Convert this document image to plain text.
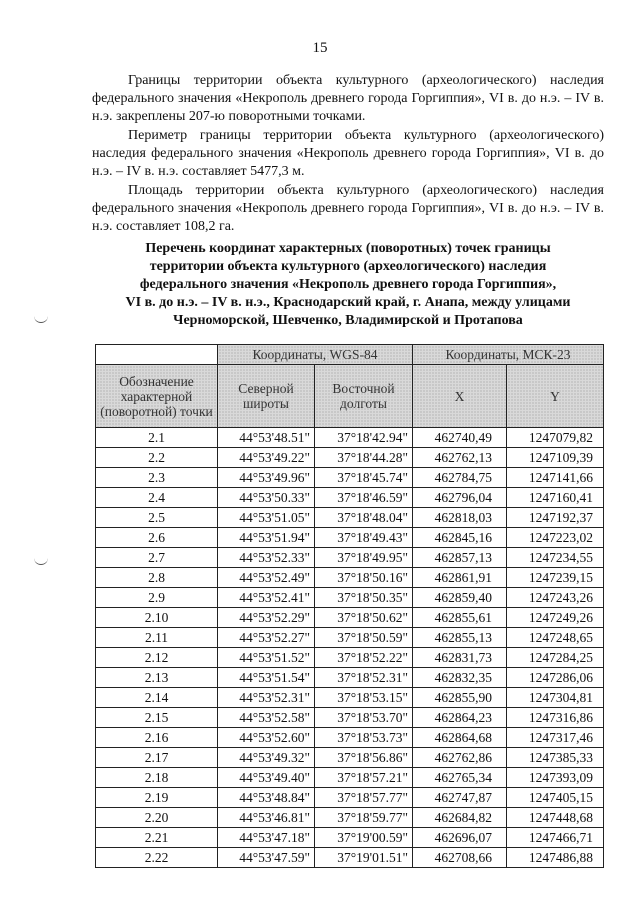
15

Границы территории объекта культурного (археологического) наследия федерального значения «Некрополь древнего города Горгиппия», VI в. до н.э. – IV в. н.э. закреплены 207-ю поворотными точками.

Периметр границы территории объекта культурного (археологического) наследия федерального значения «Некрополь древнего города Горгиппия», VI в. до н.э. – IV в. н.э. составляет 5477,3 м.

Площадь территории объекта культурного (археологического) наследия федерального значения «Некрополь древнего города Горгиппия», VI в. до н.э. – IV в. н.э. составляет 108,2 га.

Перечень координат характерных (поворотных) точек границы
территории объекта культурного (археологического) наследия
федерального значения «Некрополь древнего города Горгиппия»,
VI в. до н.э. – IV в. н.э., Краснодарский край, г. Анапа, между улицами
Черноморской, Шевченко, Владимирской и Протапова
	Координаты, WGS-84		Координаты, МСК-23	
Обозначение характерной (поворотной) точки	Северной широты	Восточной долготы	X	Y
2.1	44°53'48.51"	37°18'42.94"	462740,49	1247079,82
2.2	44°53'49.22"	37°18'44.28"	462762,13	1247109,39
2.3	44°53'49.96"	37°18'45.74"	462784,75	1247141,66
2.4	44°53'50.33"	37°18'46.59"	462796,04	1247160,41
2.5	44°53'51.05"	37°18'48.04"	462818,03	1247192,37
2.6	44°53'51.94"	37°18'49.43"	462845,16	1247223,02
2.7	44°53'52.33"	37°18'49.95"	462857,13	1247234,55
2.8	44°53'52.49"	37°18'50.16"	462861,91	1247239,15
2.9	44°53'52.41"	37°18'50.35"	462859,40	1247243,26
2.10	44°53'52.29"	37°18'50.62"	462855,61	1247249,26
2.11	44°53'52.27"	37°18'50.59"	462855,13	1247248,65
2.12	44°53'51.52"	37°18'52.22"	462831,73	1247284,25
2.13	44°53'51.54"	37°18'52.31"	462832,35	1247286,06
2.14	44°53'52.31"	37°18'53.15"	462855,90	1247304,81
2.15	44°53'52.58"	37°18'53.70"	462864,23	1247316,86
2.16	44°53'52.60"	37°18'53.73"	462864,68	1247317,46
2.17	44°53'49.32"	37°18'56.86"	462762,86	1247385,33
2.18	44°53'49.40"	37°18'57.21"	462765,34	1247393,09
2.19	44°53'48.84"	37°18'57.77"	462747,87	1247405,15
2.20	44°53'46.81"	37°18'59.77"	462684,82	1247448,68
2.21	44°53'47.18"	37°19'00.59"	462696,07	1247466,71
2.22	44°53'47.59"	37°19'01.51"	462708,66	1247486,88
